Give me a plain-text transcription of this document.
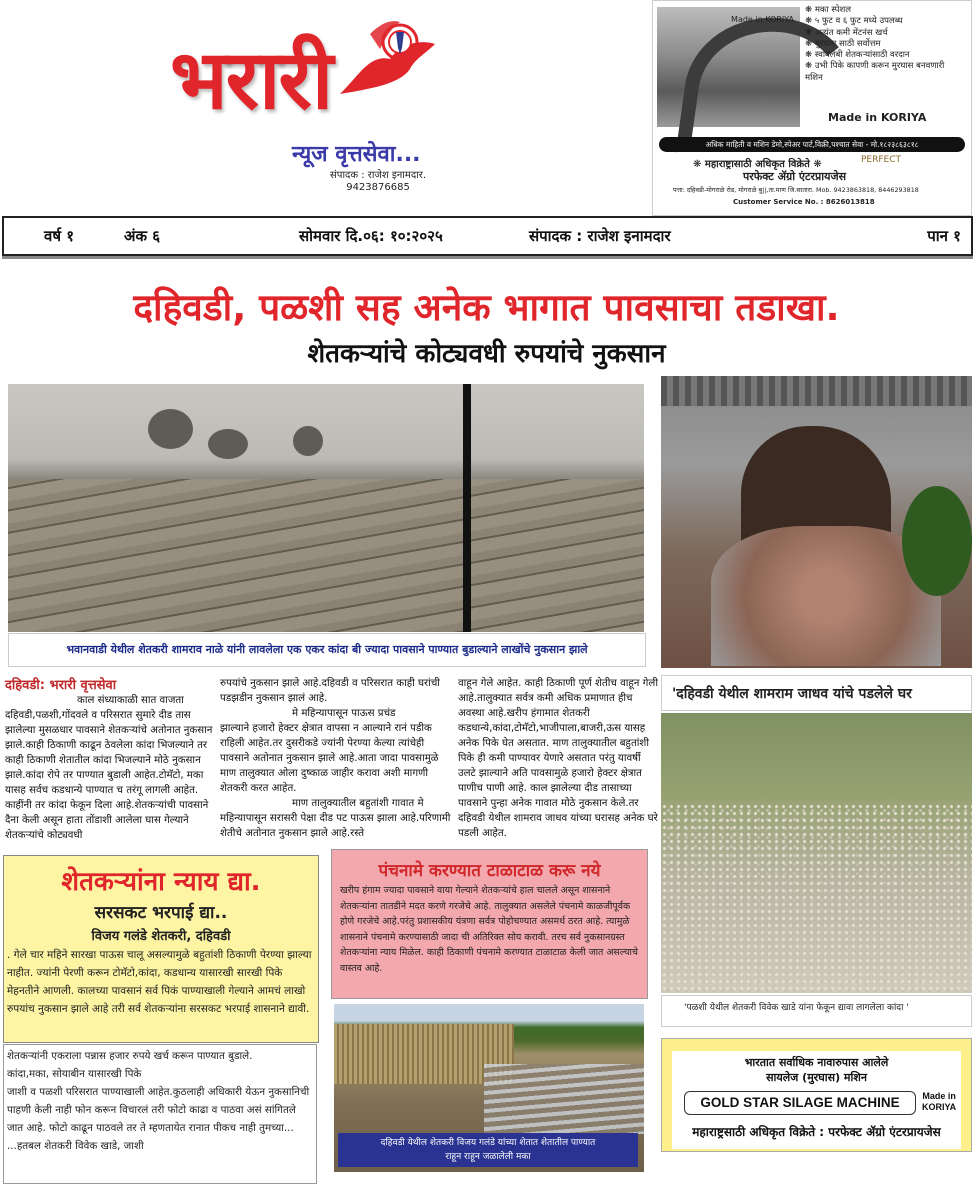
भरारी
न्यूज वृत्तसेवा...
संपादक : राजेश इनामदार.
9423876685
Made in KORIYA
❋ मका स्पेशल
❋ ५ फुट व ६ फुट मध्ये उपलब्ध
❋ अत्यंत कमी मेंटनंस खर्च
❋ मुरघास साठी सर्वोत्तम
❋ स्वावलंबी शेतकऱ्यांसाठी वरदान
❋ उभी पिके कापणी करून मुरघास बनवणारी मशिन
Made in KORIYA
अधिक माहिती व मशिन डेमो,स्पेअर पार्ट,विक्री,पश्चात सेवा - मो.१८२३८६३८१८
❋ महाराष्ट्रासाठी अधिकृत विक्रेते ❋	PERFECT
परफेक्ट ॲग्रो एंटरप्रायजेस
पत्ता: दहिवडी-मोगराळे रोड, मोगराळे बु||,ता.माण जि.सातारा. Mob. 9423863818, 8446293818
Customer Service No. : 8626013818
वर्ष १	अंक ६	सोमवार दि.०६: १०:२०२५	संपादक : राजेश इनामदार	पान १
दहिवडी, पळशी सह अनेक भागात पावसाचा तडाखा.
शेतकऱ्यांचे कोट्यवधी रुपयांचे नुकसान
भवानवाडी येथील शेतकरी शामराव नाळे यांनी लावलेला एक एकर कांदा बी ज्यादा पावसाने पाण्यात बुडाल्याने लाखोंचे नुकसान झाले
'दहिवडी येथील शामराम जाधव यांचे पडलेले घर
'पळशी येथील शेतकरी विवेक खाडे यांना फेकून द्यावा लागलेला कांदा '
दहिवडी: भरारी वृत्तसेवा
काल संध्याकाळी सात वाजता
दहिवडी,पळशी,गोंदवले व परिसरात सुमारे दीड तास झालेल्या मुसळधार पावसाने शेतकऱ्यांचे अतोनात नुकसान झाले.काही ठिकाणी काढून ठेवलेला कांदा भिजल्याने तर काही ठिकाणी शेतातील कांदा भिजल्याने मोठे नुकसान झाले.कांदा रोपे तर पाण्यात बुडाली आहेत.टोमॅटो, मका यासह सर्वच कडधान्ये पाण्यात च तरंगू लागली आहेत. काहींनी तर कांदा फेकून दिला आहे.शेतकऱ्यांची पावसाने दैना केली असून हाता तोंडाशी आलेला घास गेल्याने शेतकऱ्यांचे कोट्यवधी
रुपयांचे नुकसान झाले आहे.दहिवडी व परिसरात काही घरांची पडझडीन नुकसान झालं आहे.
मे महिन्यापासून पाऊस प्रचंड
झाल्याने हजारो हेक्टर क्षेत्रात वापसा न आल्याने रानं पडीक राहिली आहेत.तर दुसरीकडे ज्यांनी पेरण्या केल्या त्यांचेही पावसाने अतोनात नुकसान झाले आहे.आता जादा पावसामुळे माण तालुक्यात ओला दुष्काळ जाहीर करावा अशी मागणी शेतकरी करत आहेत.
माण तालुक्यातील बहुतांशी गावात मे
महिन्यापासून सरासरी पेक्षा दीड पट पाऊस झाला आहे.परिणामी शेतीचे अतोनात नुकसान झाले आहे.रस्ते
वाहून गेले आहेत. काही ठिकाणी पूर्ण शेतीच वाहून गेली आहे.तालुक्यात सर्वत्र कमी अधिक प्रमाणात हीच अवस्था आहे.खरीप हंगामात शेतकरी कडधान्ये,कांदा,टोमॅटो,भाजीपाला,बाजरी,ऊस यासह अनेक पिके घेत असतात. माण तालुक्यातील बहुतांशी पिके ही कमी पाण्यावर येणारे असतात परंतु यावर्षी उलटे झाल्याने अति पावसामुळे हजारो हेक्टर क्षेत्रात पाणीच पाणी आहे. काल झालेल्या दीड तासाच्या पावसाने पुन्हा अनेक गावात मोठे नुकसान केले.तर दहिवडी येथील शामराव जाधव यांच्या घरासह अनेक घरे पडली आहेत.
शेतकऱ्यांना न्याय द्या.
सरसकट भरपाई द्या..
विजय गलंडे शेतकरी, दहिवडी
. गेले चार महिने सारखा पाऊस चालू असल्यामुळे बहुतांशी ठिकाणी पेरण्या झाल्या नाहीत. ज्यांनी पेरणी करून टोमॅटो,कांदा, कडधान्य यासारखी सारखी पिके मेहनतीने आणली. कालच्या पावसानं सर्व पिकं पाण्याखाली गेल्याने आमचं लाखो रुपयांच नुकसान झाले आहे तरी सर्व शेतकऱ्यांना सरसकट भरपाई शासनाने द्यावी.
शेतकऱ्यांनी एकराला पन्नास हजार रुपये खर्च करून पाण्यात बुडाले.
कांदा,मका, सोयाबीन यासारखी पिके
जाशी व पळशी परिसरात पाण्याखाली आहेत.कुठलाही अधिकारी येऊन नुकसानिची पाहणी केली नाही फोन करून विचारलं तरी फोटो काढा व पाठवा असं सांगितले जात आहे. फोटो काढून पाठवले तर ते म्हणतायेत रानात पीकच नाही तुमच्या...
...हतबल शेतकरी विवेक खाडे, जाशी
पंचनामे करण्यात टाळाटाळ करू नये
खरीप हंगाम ज्यादा पावसाने वाया गेल्याने शेतकऱ्यांचे हाल चालले असून शासनाने शेतकऱ्यांना तातडीने मदत करणे गरजेचे आहे. तालुक्यात असलेले पंचनामे काळजीपूर्वक होणे गरजेचे आहे.परंतु प्रशासकीय यंत्रणा सर्वत्र पोहोचण्यात असमर्थ ठरत आहे. त्यामुळे शासनाने पंचनामे करण्यासाठी जादा ची अतिरिक्त सोय करावी. तरच सर्व नुकसानग्रस्त शेतकऱ्यांना न्याय मिळेल. काही ठिकाणी पंचनामे करण्यात टाळाटाळ केली जात असल्याचे वास्तव आहे.
दहिवडी येथील शेतकरी विजय गलंडे यांच्या शेतात शेतातील पाण्यात
राहून राहून जळालेली मका
भारतात सर्वाधिक नावारुपास आलेले
सायलेज (मुरघास) मशिन
GOLD STAR SILAGE MACHINE	Made in
KORIYA
महाराष्ट्रसाठी अधिकृत विक्रेते : परफेक्ट ॲग्रो एंटरप्रायजेस
